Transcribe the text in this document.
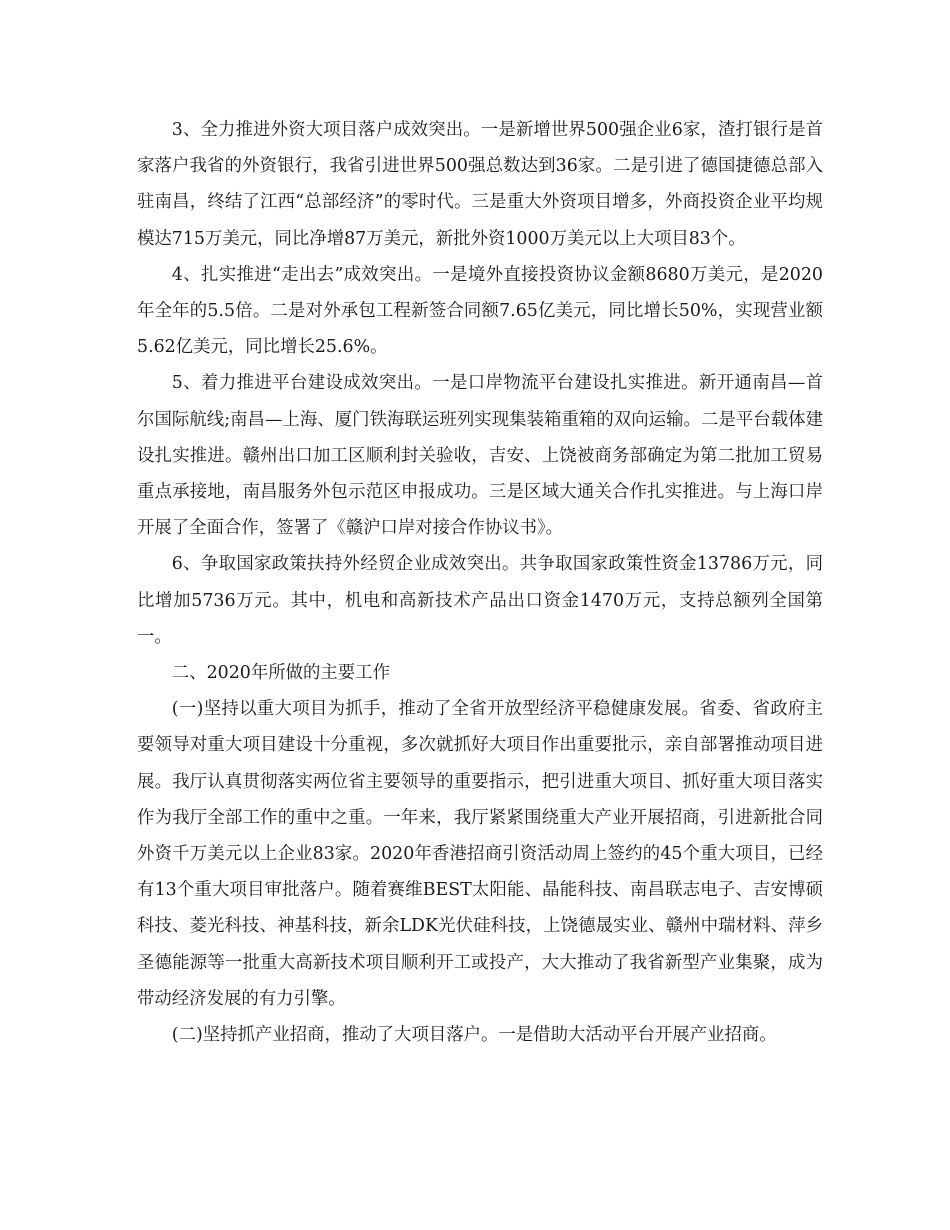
3、全力推进外资大项目落户成效突出。一是新增世界500强企业6家，渣打银行是首家落户我省的外资银行，我省引进世界500强总数达到36家。二是引进了德国捷德总部入驻南昌，终结了江西“总部经济”的零时代。三是重大外资项目增多，外商投资企业平均规模达715万美元，同比净增87万美元，新批外资1000万美元以上大项目83个。

4、扎实推进“走出去”成效突出。一是境外直接投资协议金额8680万美元，是2020年全年的5.5倍。二是对外承包工程新签合同额7.65亿美元，同比增长50%，实现营业额5.62亿美元，同比增长25.6%。

5、着力推进平台建设成效突出。一是口岸物流平台建设扎实推进。新开通南昌—首尔国际航线;南昌—上海、厦门铁海联运班列实现集装箱重箱的双向运输。二是平台载体建设扎实推进。赣州出口加工区顺利封关验收，吉安、上饶被商务部确定为第二批加工贸易重点承接地，南昌服务外包示范区申报成功。三是区域大通关合作扎实推进。与上海口岸开展了全面合作，签署了《赣沪口岸对接合作协议书》。

6、争取国家政策扶持外经贸企业成效突出。共争取国家政策性资金13786万元，同比增加5736万元。其中，机电和高新技术产品出口资金1470万元，支持总额列全国第一。

二、2020年所做的主要工作

(一)坚持以重大项目为抓手，推动了全省开放型经济平稳健康发展。省委、省政府主要领导对重大项目建设十分重视，多次就抓好大项目作出重要批示，亲自部署推动项目进展。我厅认真贯彻落实两位省主要领导的重要指示，把引进重大项目、抓好重大项目落实作为我厅全部工作的重中之重。一年来，我厅紧紧围绕重大产业开展招商，引进新批合同外资千万美元以上企业83家。2020年香港招商引资活动周上签约的45个重大项目，已经有13个重大项目审批落户。随着赛维BEST太阳能、晶能科技、南昌联志电子、吉安博硕科技、菱光科技、神基科技，新余LDK光伏硅科技，上饶德晟实业、赣州中瑞材料、萍乡圣德能源等一批重大高新技术项目顺利开工或投产，大大推动了我省新型产业集聚，成为带动经济发展的有力引擎。

(二)坚持抓产业招商，推动了大项目落户。一是借助大活动平台开展产业招商。
